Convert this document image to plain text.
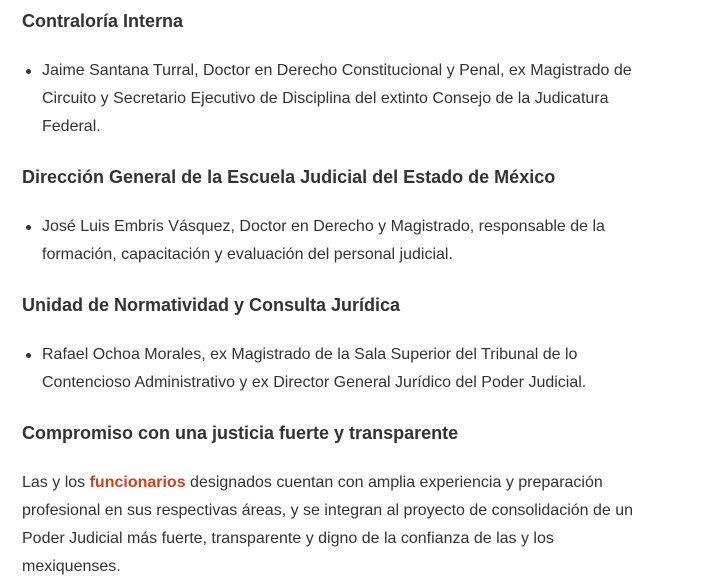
Contraloría Interna
Jaime Santana Turral, Doctor en Derecho Constitucional y Penal, ex Magistrado de Circuito y Secretario Ejecutivo de Disciplina del extinto Consejo de la Judicatura Federal.
Dirección General de la Escuela Judicial del Estado de México
José Luis Embris Vásquez, Doctor en Derecho y Magistrado, responsable de la formación, capacitación y evaluación del personal judicial.
Unidad de Normatividad y Consulta Jurídica
Rafael Ochoa Morales, ex Magistrado de la Sala Superior del Tribunal de lo Contencioso Administrativo y ex Director General Jurídico del Poder Judicial.
Compromiso con una justicia fuerte y transparente

Las y los funcionarios designados cuentan con amplia experiencia y preparación profesional en sus respectivas áreas, y se integran al proyecto de consolidación de un Poder Judicial más fuerte, transparente y digno de la confianza de las y los mexiquenses.
